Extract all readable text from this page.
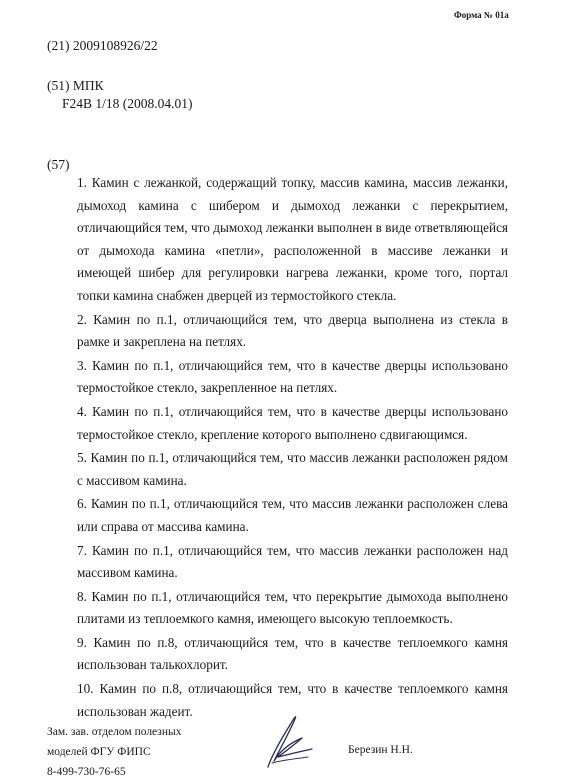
Форма № 01а
(21) 2009108926/22
(51) МПК
F24B 1/18 (2008.04.01)
(57)

1. Камин с лежанкой, содержащий топку, массив камина, массив лежанки, дымоход камина с шибером и дымоход лежанки с перекрытием, отличающийся тем, что дымоход лежанки выполнен в виде ответвляющейся от дымохода камина «петли», расположенной в массиве лежанки и имеющей шибер для регулировки нагрева лежанки, кроме того, портал топки камина снабжен дверцей из термостойкого стекла.

2. Камин по п.1, отличающийся тем, что дверца выполнена из стекла в рамке и закреплена на петлях.

3. Камин по п.1, отличающийся тем, что в качестве дверцы использовано термостойкое стекло, закрепленное на петлях.

4. Камин по п.1, отличающийся тем, что в качестве дверцы использовано термостойкое стекло, крепление которого выполнено сдвигающимся.

5. Камин по п.1, отличающийся тем, что массив лежанки расположен рядом с массивом камина.

6. Камин по п.1, отличающийся тем, что массив лежанки расположен слева или справа от массива камина.

7. Камин по п.1, отличающийся тем, что массив лежанки расположен над массивом камина.

8. Камин по п.1, отличающийся тем, что перекрытие дымохода выполнено плитами из теплоемкого камня, имеющего высокую теплоемкость.

9. Камин по п.8, отличающийся тем, что в качестве теплоемкого камня использован талькохлорит.

10. Камин по п.8, отличающийся тем, что в качестве теплоемкого камня использован жадеит.

Зам. зав. отделом полезных
моделей ФГУ ФИПС
8-499-730-76-65
Березин Н.Н.
